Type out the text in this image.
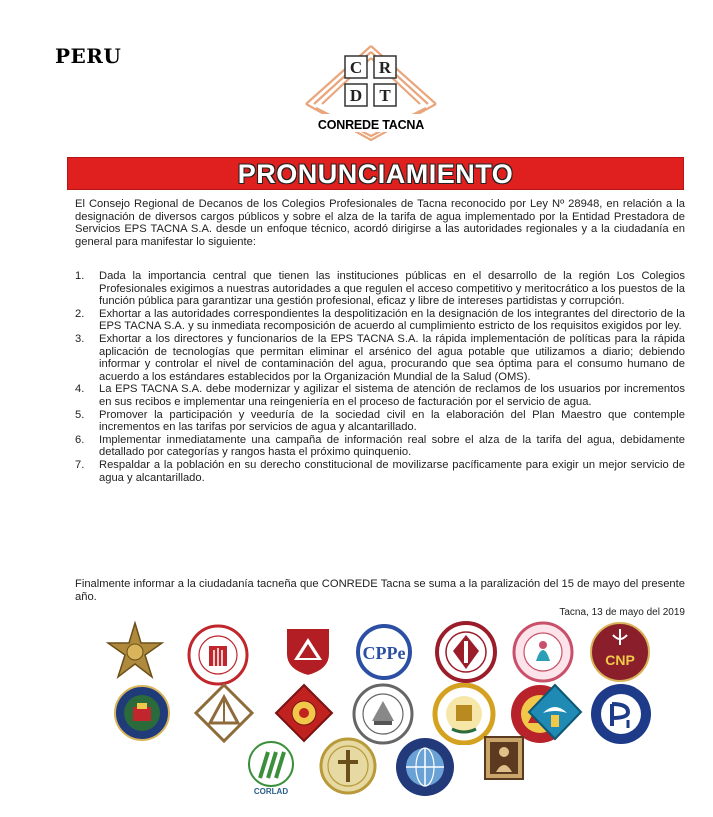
PERU	C R
D T
CONREDE TACNA
PRONUNCIAMIENTO
El Consejo Regional de Decanos de los Colegios Profesionales de Tacna reconocido por Ley Nº 28948, en relación a la designación de diversos cargos públicos y sobre el alza de la tarifa de agua implementado por la Entidad Prestadora de Servicios EPS TACNA S.A. desde un enfoque técnico, acordó dirigirse a las autoridades regionales y a la ciudadanía en general para manifestar lo siguiente:
1. Dada la importancia central que tienen las instituciones públicas en el desarrollo de la región Los Colegios Profesionales exigimos a nuestras autoridades a que regulen el acceso competitivo y meritocrático a los puestos de la función pública para garantizar una gestión profesional, eficaz y libre de intereses partidistas y corrupción.
2. Exhortar a las autoridades correspondientes la despolitización en la designación de los integrantes del directorio de la EPS TACNA S.A. y su inmediata recomposición de acuerdo al cumplimiento estricto de los requisitos exigidos por ley.
3. Exhortar a los directores y funcionarios de la EPS TACNA S.A. la rápida implementación de políticas para la rápida aplicación de tecnologías que permitan eliminar el arsénico del agua potable que utilizamos a diario; debiendo informar y controlar el nivel de contaminación del agua, procurando que sea óptima para el consumo humano de acuerdo a los estándares establecidos por la Organización Mundial de la Salud (OMS).
4. La EPS TACNA S.A. debe modernizar y agilizar el sistema de atención de reclamos de los usuarios por incrementos en sus recibos e implementar una reingeniería en el proceso de facturación por el servicio de agua.
5. Promover la participación y veeduría de la sociedad civil en la elaboración del Plan Maestro que contemple incrementos en las tarifas por servicios de agua y alcantarillado.
6. Implementar inmediatamente una campaña de información real sobre el alza de la tarifa del agua, debidamente detallado por categorías y rangos hasta el próximo quinquenio.
7. Respaldar a la población en su derecho constitucional de movilizarse pacíficamente para exigir un mejor servicio de agua y alcantarillado.
Finalmente informar a la ciudadanía tacneña que CONREDE Tacna se suma a la paralización del 15 de mayo del presente año.
Tacna, 13 de mayo del 2019
CPPe	CNP
CORLAD
